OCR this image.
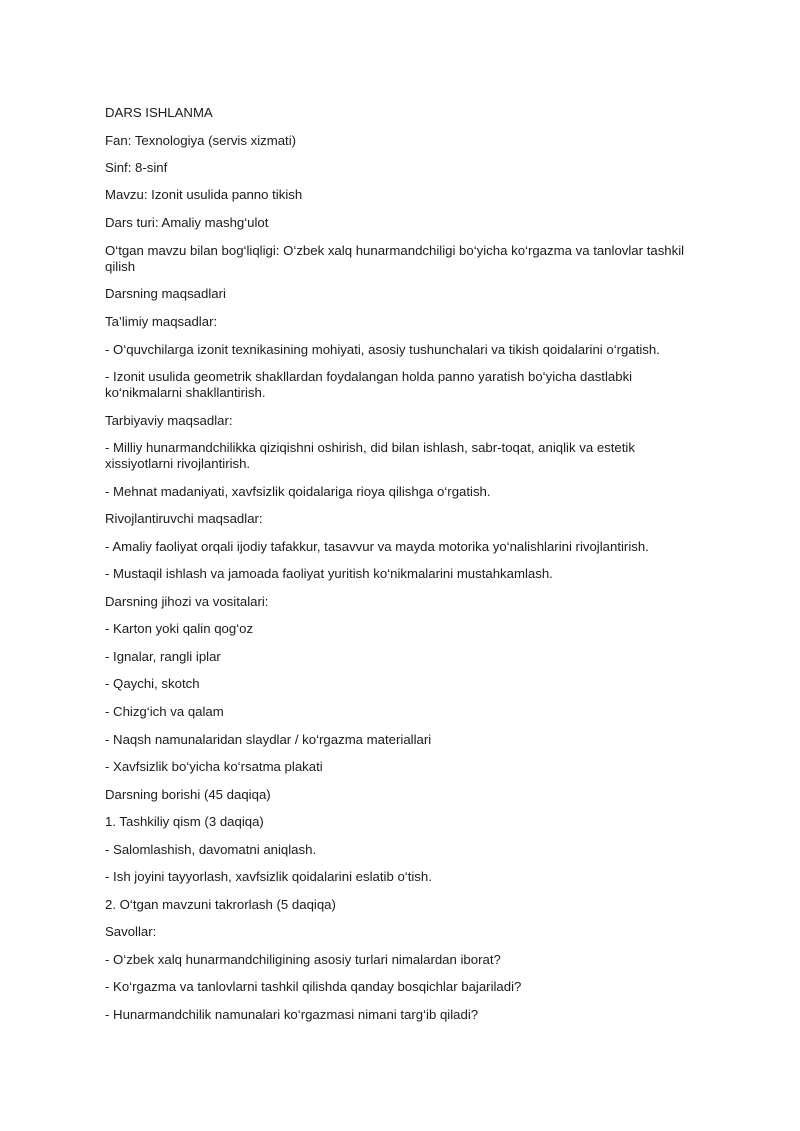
DARS ISHLANMA

Fan: Texnologiya (servis xizmati)

Sinf: 8-sinf

Mavzu: Izonit usulida panno tikish

Dars turi: Amaliy mashg‘ulot

O‘tgan mavzu bilan bog‘liqligi: O‘zbek xalq hunarmandchiligi bo‘yicha ko‘rgazma va tanlovlar tashkil qilish

Darsning maqsadlari

Ta’limiy maqsadlar:

- O‘quvchilarga izonit texnikasining mohiyati, asosiy tushunchalari va tikish qoidalarini o‘rgatish.

- Izonit usulida geometrik shakllardan foydalangan holda panno yaratish bo‘yicha dastlabki ko‘nikmalarni shakllantirish.

Tarbiyaviy maqsadlar:

- Milliy hunarmandchilikka qiziqishni oshirish, did bilan ishlash, sabr-toqat, aniqlik va estetik xissiyotlarni rivojlantirish.

- Mehnat madaniyati, xavfsizlik qoidalariga rioya qilishga o‘rgatish.

Rivojlantiruvchi maqsadlar:

- Amaliy faoliyat orqali ijodiy tafakkur, tasavvur va mayda motorika yo‘nalishlarini rivojlantirish.

- Mustaqil ishlash va jamoada faoliyat yuritish ko‘nikmalarini mustahkamlash.

Darsning jihozi va vositalari:

- Karton yoki qalin qog‘oz

- Ignalar, rangli iplar

- Qaychi, skotch

- Chizg‘ich va qalam

- Naqsh namunalaridan slaydlar / ko‘rgazma materiallari

- Xavfsizlik bo‘yicha ko‘rsatma plakati

Darsning borishi (45 daqiqa)

1. Tashkiliy qism (3 daqiqa)

- Salomlashish, davomatni aniqlash.

- Ish joyini tayyorlash, xavfsizlik qoidalarini eslatib o‘tish.

2. O‘tgan mavzuni takrorlash (5 daqiqa)

Savollar:

- O‘zbek xalq hunarmandchiligining asosiy turlari nimalardan iborat?

- Ko‘rgazma va tanlovlarni tashkil qilishda qanday bosqichlar bajariladi?

- Hunarmandchilik namunalari ko‘rgazmasi nimani targ‘ib qiladi?
